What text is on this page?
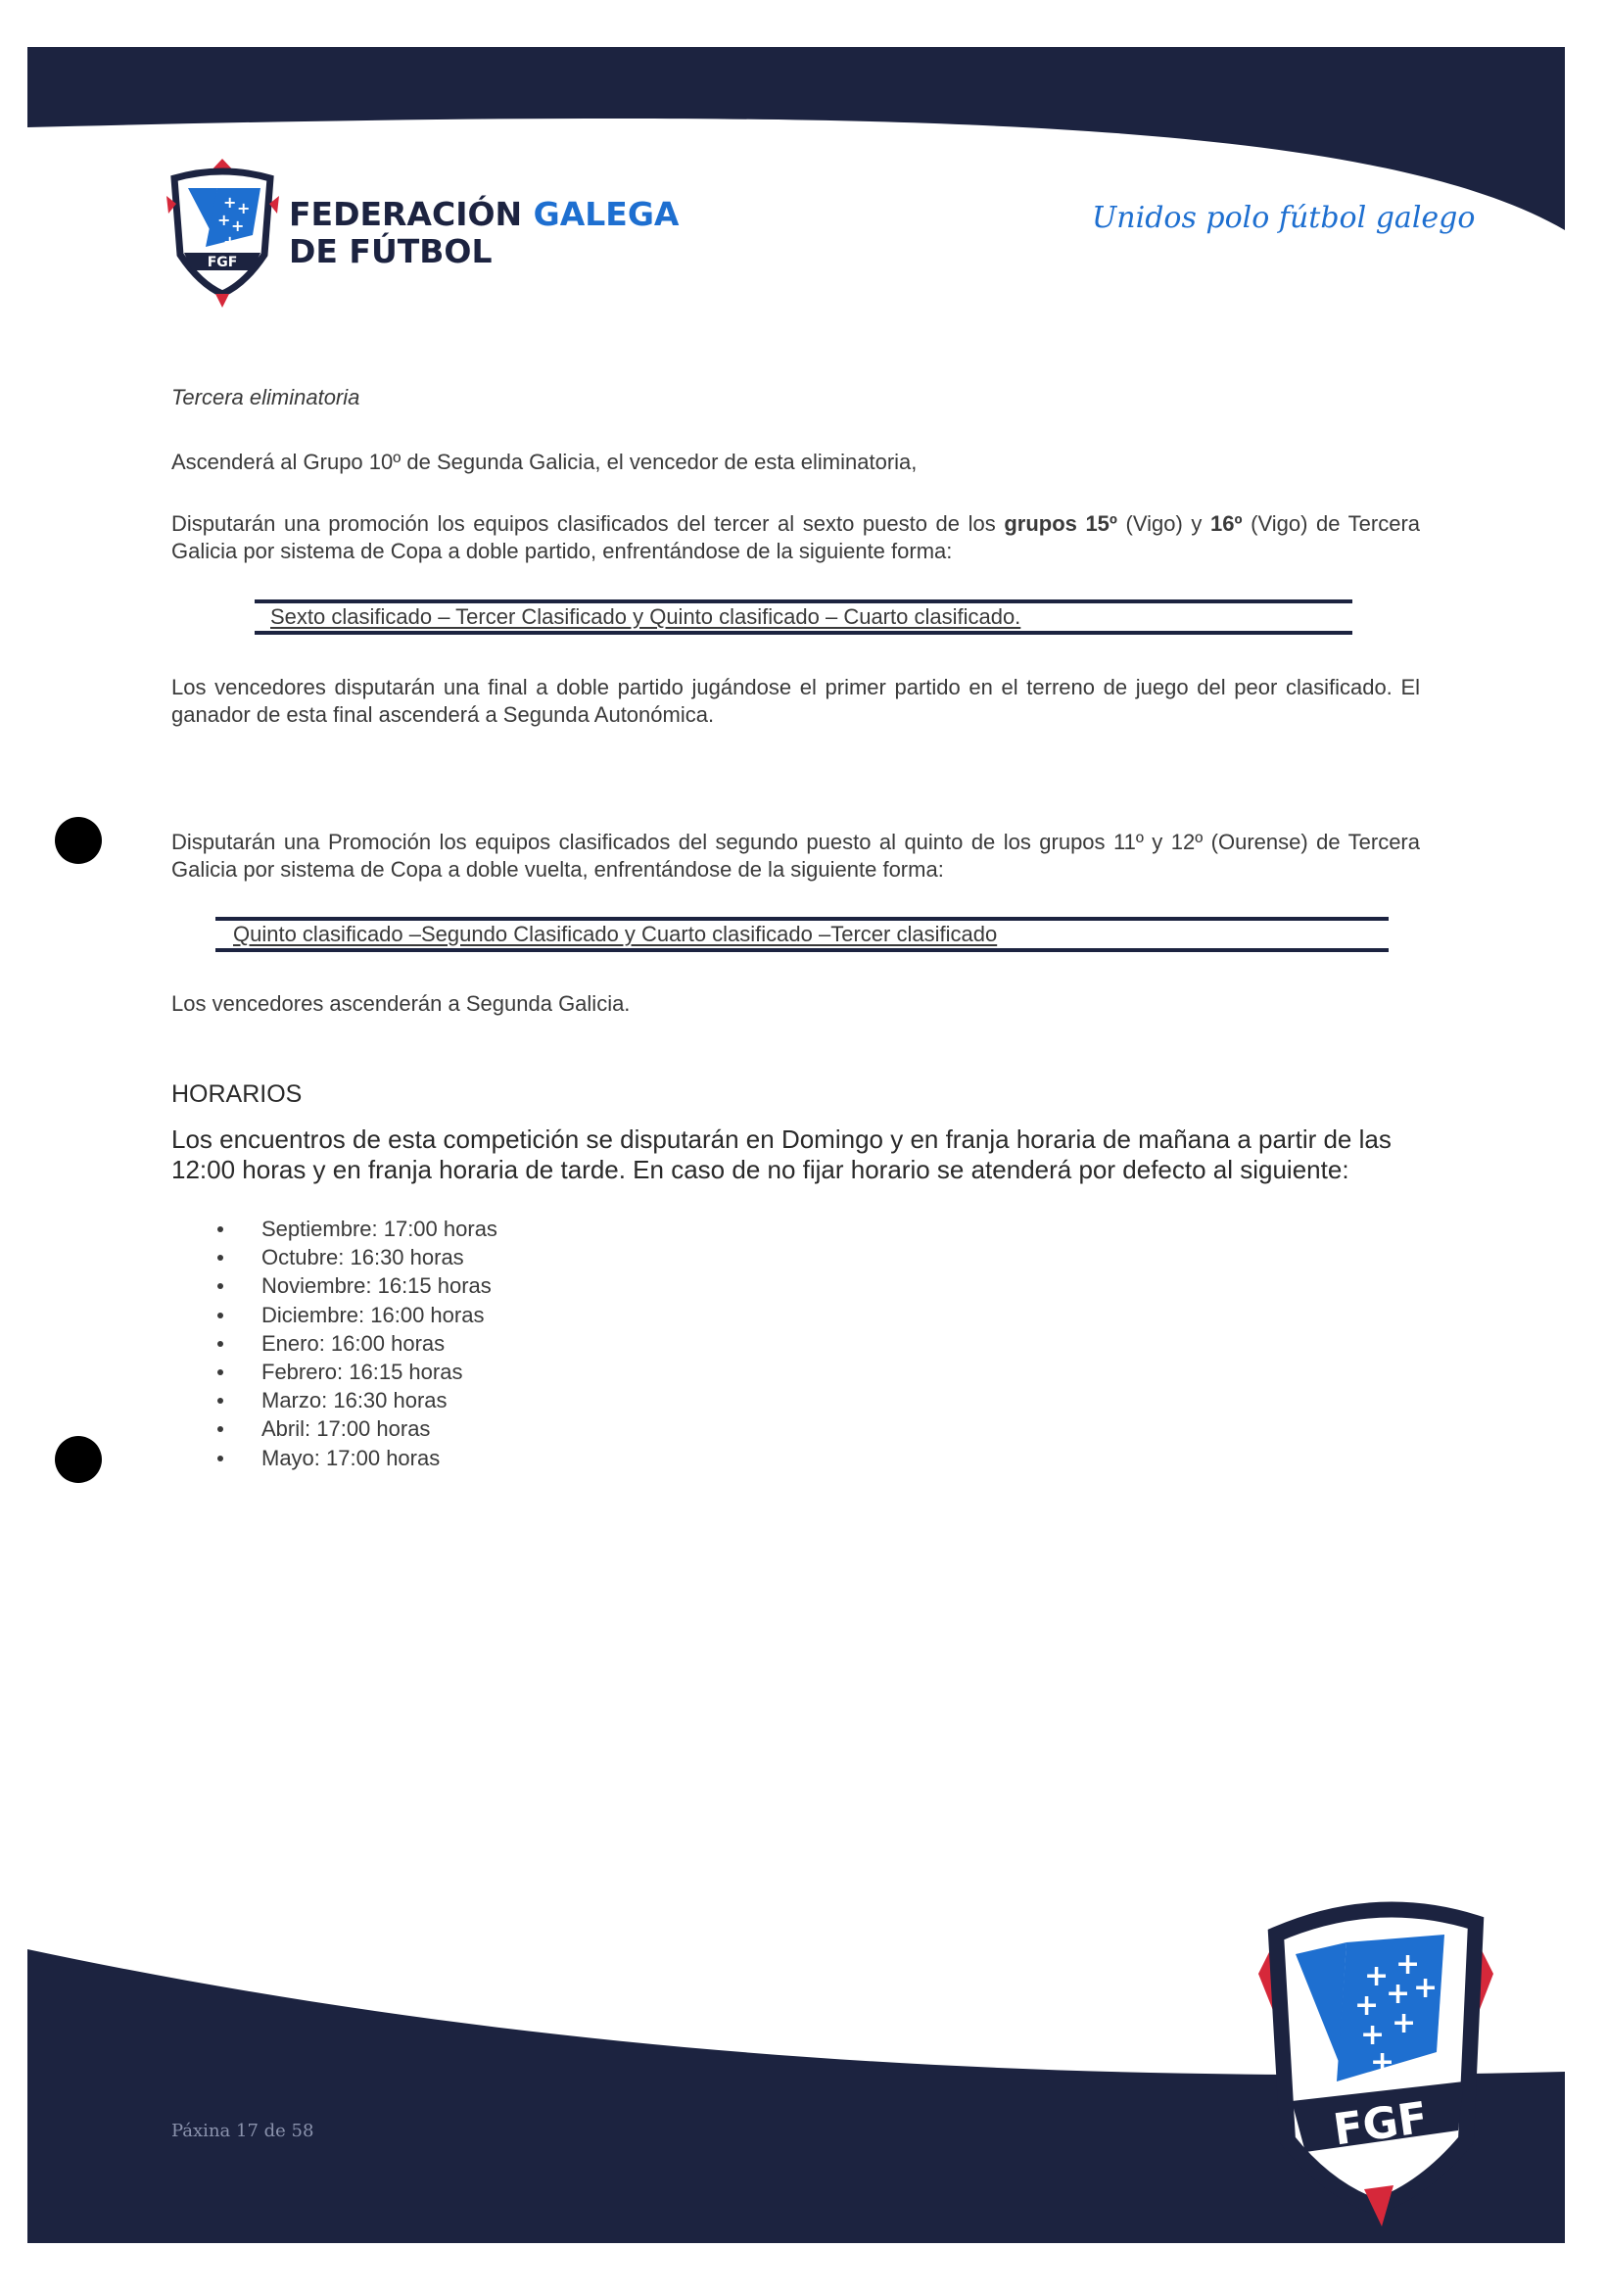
+ +
+ +
+
FGF
FEDERACIÓN GALEGA
DE FÚTBOL
Unidos polo fútbol galego
Tercera eliminatoria
Ascenderá al Grupo 10º de Segunda Galicia, el vencedor de esta eliminatoria,
Disputarán una promoción los equipos clasificados del tercer al sexto puesto de los grupos 15º (Vigo) y 16º (Vigo) de Tercera Galicia por sistema de Copa a doble partido, enfrentándose de la siguiente forma:
Sexto clasificado – Tercer Clasificado y Quinto clasificado – Cuarto clasificado.
Los vencedores disputarán una final a doble partido jugándose el primer partido en el terreno de juego del peor clasificado. El ganador de esta final ascenderá a Segunda Autonómica.
Disputarán una Promoción los equipos clasificados del segundo puesto al quinto de los grupos 11º y 12º (Ourense) de Tercera Galicia por sistema de Copa a doble vuelta, enfrentándose de la siguiente forma:
Quinto clasificado –Segundo Clasificado y Cuarto clasificado –Tercer clasificado
Los vencedores ascenderán a Segunda Galicia.
HORARIOS
Los encuentros de esta competición se disputarán en Domingo y en franja horaria de mañana a partir de las 12:00 horas y en franja horaria de tarde. En caso de no fijar horario se atenderá por defecto al siguiente:
Septiembre: 17:00 horas
Octubre: 16:30 horas
Noviembre: 16:15 horas
Diciembre: 16:00 horas
Enero: 16:00 horas
Febrero: 16:15 horas
Marzo: 16:30 horas
Abril: 17:00 horas
Mayo: 17:00 horas
Páxina 17 de 58
+ +
+ + +
+ +
+
FGF
